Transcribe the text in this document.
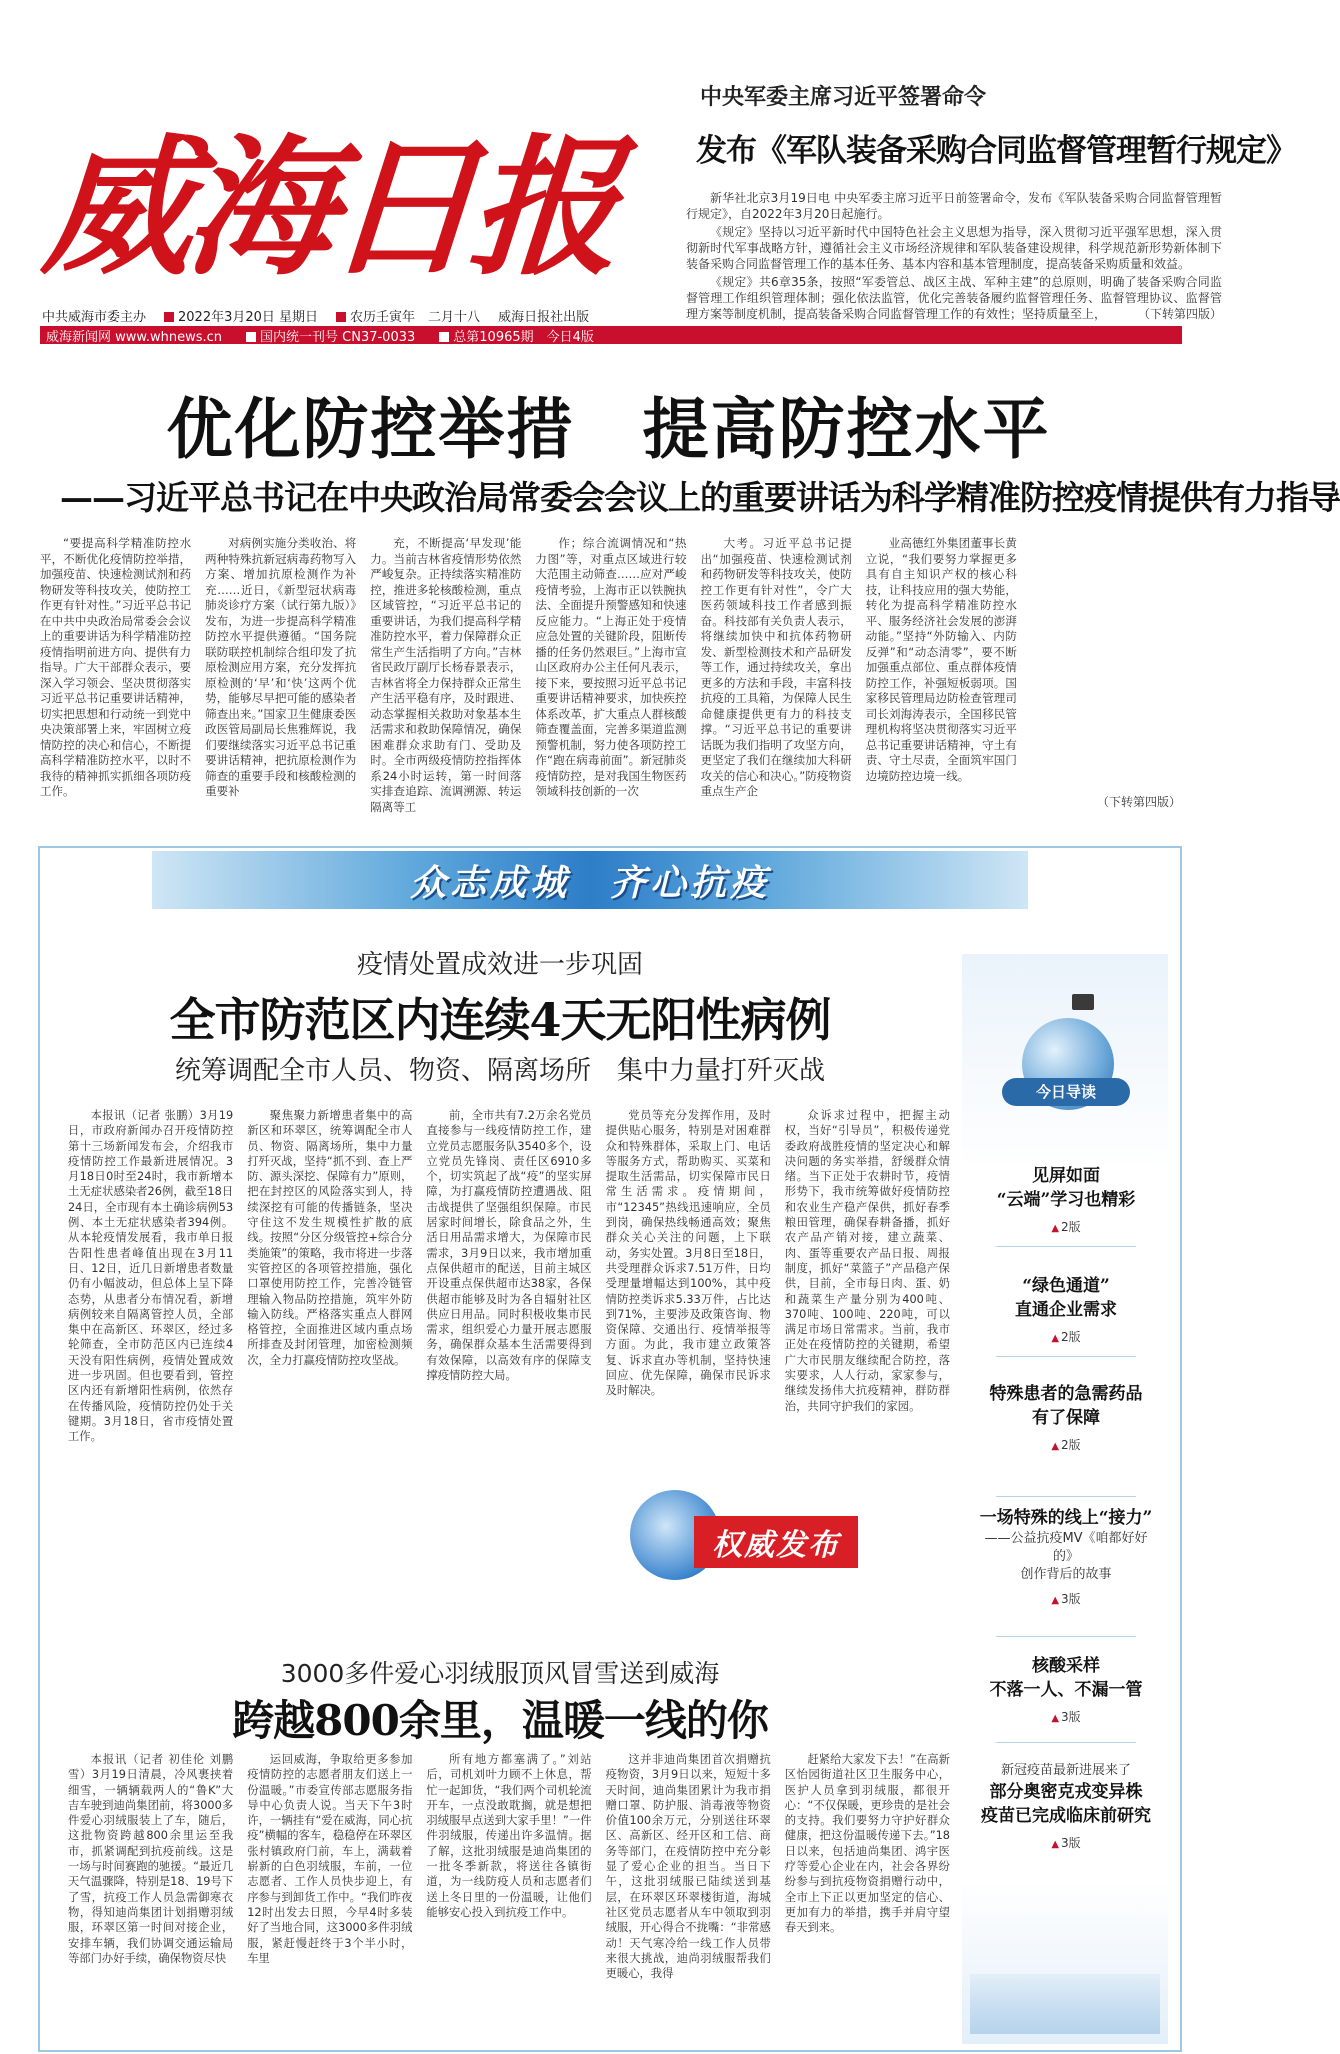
威海日报
中央军委主席习近平签署命令
发布《军队装备采购合同监督管理暂行规定》

新华社北京3月19日电 中央军委主席习近平日前签署命令，发布《军队装备采购合同监督管理暂行规定》，自2022年3月20日起施行。

《规定》坚持以习近平新时代中国特色社会主义思想为指导，深入贯彻习近平强军思想，深入贯彻新时代军事战略方针，遵循社会主义市场经济规律和军队装备建设规律，科学规范新形势新体制下装备采购合同监督管理工作的基本任务、基本内容和基本管理制度，提高装备采购质量和效益。

《规定》共6章35条，按照“军委管总、战区主战、军种主建”的总原则，明确了装备采购合同监督管理工作组织管理体制；强化依法监管，优化完善装备履约监督管理任务、监督管理协议、监督管理方案等制度机制，提高装备采购合同监督管理工作的有效性；坚持质量至上，	（下转第四版）

中共威海市委主办	2022年3月20日 星期日	农历壬寅年　二月十八 威海日报社出版
威海新闻网 www.whnews.cn	国内统一刊号 CN37-0033	总第10965期　今日4版
优化防控举措　提高防控水平
——习近平总书记在中央政治局常委会会议上的重要讲话为科学精准防控疫情提供有力指导

“要提高科学精准防控水平，不断优化疫情防控举措，加强疫苗、快速检测试剂和药物研发等科技攻关，使防控工作更有针对性。”习近平总书记在中共中央政治局常委会会议上的重要讲话为科学精准防控疫情指明前进方向、提供有力指导。广大干部群众表示，要深入学习领会、坚决贯彻落实习近平总书记重要讲话精神，切实把思想和行动统一到党中央决策部署上来，牢固树立疫情防控的决心和信心，不断提高科学精准防控水平，以时不我待的精神抓实抓细各项防疫工作。

对病例实施分类收治、将两种特殊抗新冠病毒药物写入方案、增加抗原检测作为补充……近日，《新型冠状病毒肺炎诊疗方案（试行第九版）》发布，为进一步提高科学精准防控水平提供遵循。“国务院联防联控机制综合组印发了抗原检测应用方案，充分发挥抗原检测的‘早’和‘快’这两个优势，能够尽早把可能的感染者筛查出来。”国家卫生健康委医政医管局副局长焦雅辉说，我们要继续落实习近平总书记重要讲话精神，把抗原检测作为筛查的重要手段和核酸检测的重要补

充，不断提高‘早发现’能力。当前吉林省疫情形势依然严峻复杂。正持续落实精准防控，推进多轮核酸检测，重点区域管控，“习近平总书记的重要讲话，为我们提高科学精准防控水平，着力保障群众正常生产生活指明了方向。”吉林省民政厅副厅长杨春景表示，吉林省将全力保持群众正常生产生活平稳有序，及时跟进、动态掌握相关救助对象基本生活需求和救助保障情况，确保困难群众求助有门、受助及时。全市两级疫情防控指挥体系24小时运转，第一时间落实排查追踪、流调溯源、转运隔离等工

作；综合流调情况和“热力图”等，对重点区域进行较大范围主动筛查……应对严峻疫情考验，上海市正以铁腕执法、全面提升预警感知和快速反应能力。“上海正处于疫情应急处置的关键阶段，阻断传播的任务仍然艰巨。”上海市宣山区政府办公主任何凡表示，接下来，要按照习近平总书记重要讲话精神要求，加快疾控体系改革，扩大重点人群核酸筛查覆盖面，完善多渠道监测预警机制，努力使各项防控工作“跑在病毒前面”。新冠肺炎疫情防控，是对我国生物医药领域科技创新的一次

大考。习近平总书记提出“加强疫苗、快速检测试剂和药物研发等科技攻关，使防控工作更有针对性”，令广大医药领域科技工作者感到振奋。科技部有关负责人表示，将继续加快中和抗体药物研发、新型检测技术和产品研发等工作，通过持续攻关，拿出更多的方法和手段，丰富科技抗疫的工具箱，为保障人民生命健康提供更有力的科技支撑。“习近平总书记的重要讲话既为我们指明了攻坚方向，更坚定了我们在继续加大科研攻关的信心和决心。”防疫物资重点生产企

业高德红外集团董事长黄立说，“我们要努力掌握更多具有自主知识产权的核心科技，让科技应用的强大势能，转化为提高科学精准防控水平、服务经济社会发展的澎湃动能。”坚持“外防输入、内防反弹”和“动态清零”，要不断加强重点部位、重点群体疫情防控工作，补强短板弱项。国家移民管理局边防检查管理司司长刘海涛表示，全国移民管理机构将坚决贯彻落实习近平总书记重要讲话精神，守土有责、守土尽责，全面筑牢国门边境防控边境一线。

（下转第四版）
众志成城　齐心抗疫
疫情处置成效进一步巩固
全市防范区内连续4天无阳性病例
统筹调配全市人员、物资、隔离场所　集中力量打歼灭战

本报讯（记者 张鹏）3月19日，市政府新闻办召开疫情防控第十三场新闻发布会，介绍我市疫情防控工作最新进展情况。3月18日0时至24时，我市新增本土无症状感染者26例，截至18日24日，全市现有本土确诊病例53例、本土无症状感染者394例。从本轮疫情发展看，我市单日报告阳性患者峰值出现在3月11日、12日，近几日新增患者数量仍有小幅波动，但总体上呈下降态势，从患者分布情况看，新增病例较来自隔离管控人员，全部集中在高新区、环翠区，经过多轮筛查，全市防范区内已连续4天没有阳性病例，疫情处置成效进一步巩固。但也要看到，管控区内还有新增阳性病例，依然存在传播风险，疫情防控仍处于关键期。3月18日，省市疫情处置工作。

聚焦聚力新增患者集中的高新区和环翠区，统筹调配全市人员、物资、隔离场所，集中力量打歼灭战，坚持“抓不到、查上严防、源头深挖、保障有力”原则，把在封控区的风险落实到人，持续深挖有可能的传播链条，坚决守住这不发生规模性扩散的底线。按照“分区分级管控+综合分类施策”的策略，我市将进一步落实管控区的各项管控措施，强化口罩使用防控工作，完善冷链管理输入物品防控措施，筑牢外防输入防线。严格落实重点人群网格管控，全面推进区域内重点场所排查及封闭管理，加密检测频次，全力打赢疫情防控攻坚战。

前，全市共有7.2万余名党员直接参与一线疫情防控工作，建立党员志愿服务队3540多个，设立党员先锋岗、责任区6910多个，切实筑起了战“疫”的坚实屏障，为打赢疫情防控遭遇战、阻击战提供了坚强组织保障。市民居家时间增长，除食品之外，生活日用品需求增大，为保障市民需求，3月9日以来，我市增加重点保供超市的配送，目前主城区开设重点保供超市达38家，各保供超市能够及时为各自辐射社区供应日用品。同时积极收集市民需求，组织爱心力量开展志愿服务，确保群众基本生活需要得到有效保障，以高效有序的保障支撑疫情防控大局。

党员等充分发挥作用，及时提供贴心服务，特别是对困难群众和特殊群体，采取上门、电话等服务方式，帮助购买、买菜和提取生活需品，切实保障市民日常生活需求。疫情期间，市“12345”热线迅速响应，全员到岗，确保热线畅通高效；聚焦群众关心关注的问题，上下联动，务实处置。3月8日至18日，共受理群众诉求7.51万件，日均受理量增幅达到100%，其中疫情防控类诉求5.33万件，占比达到71%，主要涉及政策咨询、物资保障、交通出行、疫情举报等方面。为此，我市建立政策答复、诉求直办等机制，坚持快速回应、优先保障，确保市民诉求及时解决。

众诉求过程中，把握主动权，当好“引导员”，积极传递党委政府战胜疫情的坚定决心和解决问题的务实举措，舒缓群众情绪。当下正处于农耕时节，疫情形势下，我市统筹做好疫情防控和农业生产稳产保供，抓好春季粮田管理，确保春耕备播，抓好农产品产销对接，建立蔬菜、肉、蛋等重要农产品日报、周报制度，抓好“菜篮子”产品稳产保供，目前，全市每日肉、蛋、奶和蔬菜生产量分别为400吨、370吨、100吨、220吨，可以满足市场日常需求。当前，我市正处在疫情防控的关键期，希望广大市民朋友继续配合防控，落实要求，人人行动，家家参与，继续发扬伟大抗疫精神，群防群治，共同守护我们的家园。

权威发布
3000多件爱心羽绒服顶风冒雪送到威海
跨越800余里，温暖一线的你

本报讯（记者 初佳伦 刘鹏雪）3月19日清晨，冷风裹挟着细雪，一辆辆载两人的“鲁K”大吉车驶到迪尚集团前，将3000多件爱心羽绒服装上了车，随后，这批物资跨越800余里运至我市，抓紧调配到抗疫前线。这是一场与时间赛跑的驰援。“最近几天气温骤降，特别是18、19号下了雪，抗疫工作人员急需御寒衣物，得知迪尚集团计划捐赠羽绒服，环翠区第一时间对接企业，安排车辆，我们协调交通运输局等部门办好手续，确保物资尽快

运回威海，争取给更多参加疫情防控的志愿者朋友们送上一份温暖。”市委宣传部志愿服务指导中心负责人说。当天下午3时许，一辆挂有“爱在威海，同心抗疫”横幅的客车，稳稳停在环翠区张村镇政府门前，车上，满载着崭新的白色羽绒服，车前，一位志愿者、工作人员快步迎上，有序参与到卸货工作中。“我们昨夜12时出发去日照，今早4时多装好了当地合同，这3000多件羽绒服，紧赶慢赶终于3个半小时，车里

所有地方都塞满了。”刘站后，司机刘叶力顾不上休息，帮忙一起卸货，“我们两个司机轮流开车，一点没敢耽搁，就是想把羽绒服早点送到大家手里！”一件件羽绒服，传递出许多温情。据了解，这批羽绒服是迪尚集团的一批冬季新款，将送往各镇街道，为一线防疫人员和志愿者们送上冬日里的一份温暖，让他们能够安心投入到抗疫工作中。

这并非迪尚集团首次捐赠抗疫物资，3月9日以来，短短十多天时间，迪尚集团累计为我市捐赠口罩、防护服、消毒液等物资价值100余万元，分别送往环翠区、高新区、经开区和工信、商务等部门，在疫情防控中充分彰显了爱心企业的担当。当日下午，这批羽绒服已陆续送到基层，在环翠区环翠楼街道，海城社区党员志愿者从车中领取到羽绒服，开心得合不拢嘴：“非常感动！天气寒冷给一线工作人员带来很大挑战，迪尚羽绒服帮我们更暖心，我得

赶紧给大家发下去！”在高新区怡园街道社区卫生服务中心，医护人员拿到羽绒服，都很开心：“不仅保暖，更珍贵的是社会的支持。我们要努力守护好群众健康，把这份温暖传递下去。”18日以来，包括迪尚集团、鸿宇医疗等爱心企业在内，社会各界纷纷参与到抗疫物资捐赠行动中，全市上下正以更加坚定的信心、更加有力的举措，携手并肩守望春天到来。

今日导读
见屏如面
“云端”学习也精彩
▲ 2版
“绿色通道”
直通企业需求
▲ 2版
特殊患者的急需药品
有了保障
▲ 2版
一场特殊的线上“接力”
——公益抗疫MV《咱都好好的》
创作背后的故事
▲ 3版
核酸采样
不落一人、不漏一管
▲ 3版
新冠疫苗最新进展来了
部分奥密克戎变异株
疫苗已完成临床前研究
▲ 3版
